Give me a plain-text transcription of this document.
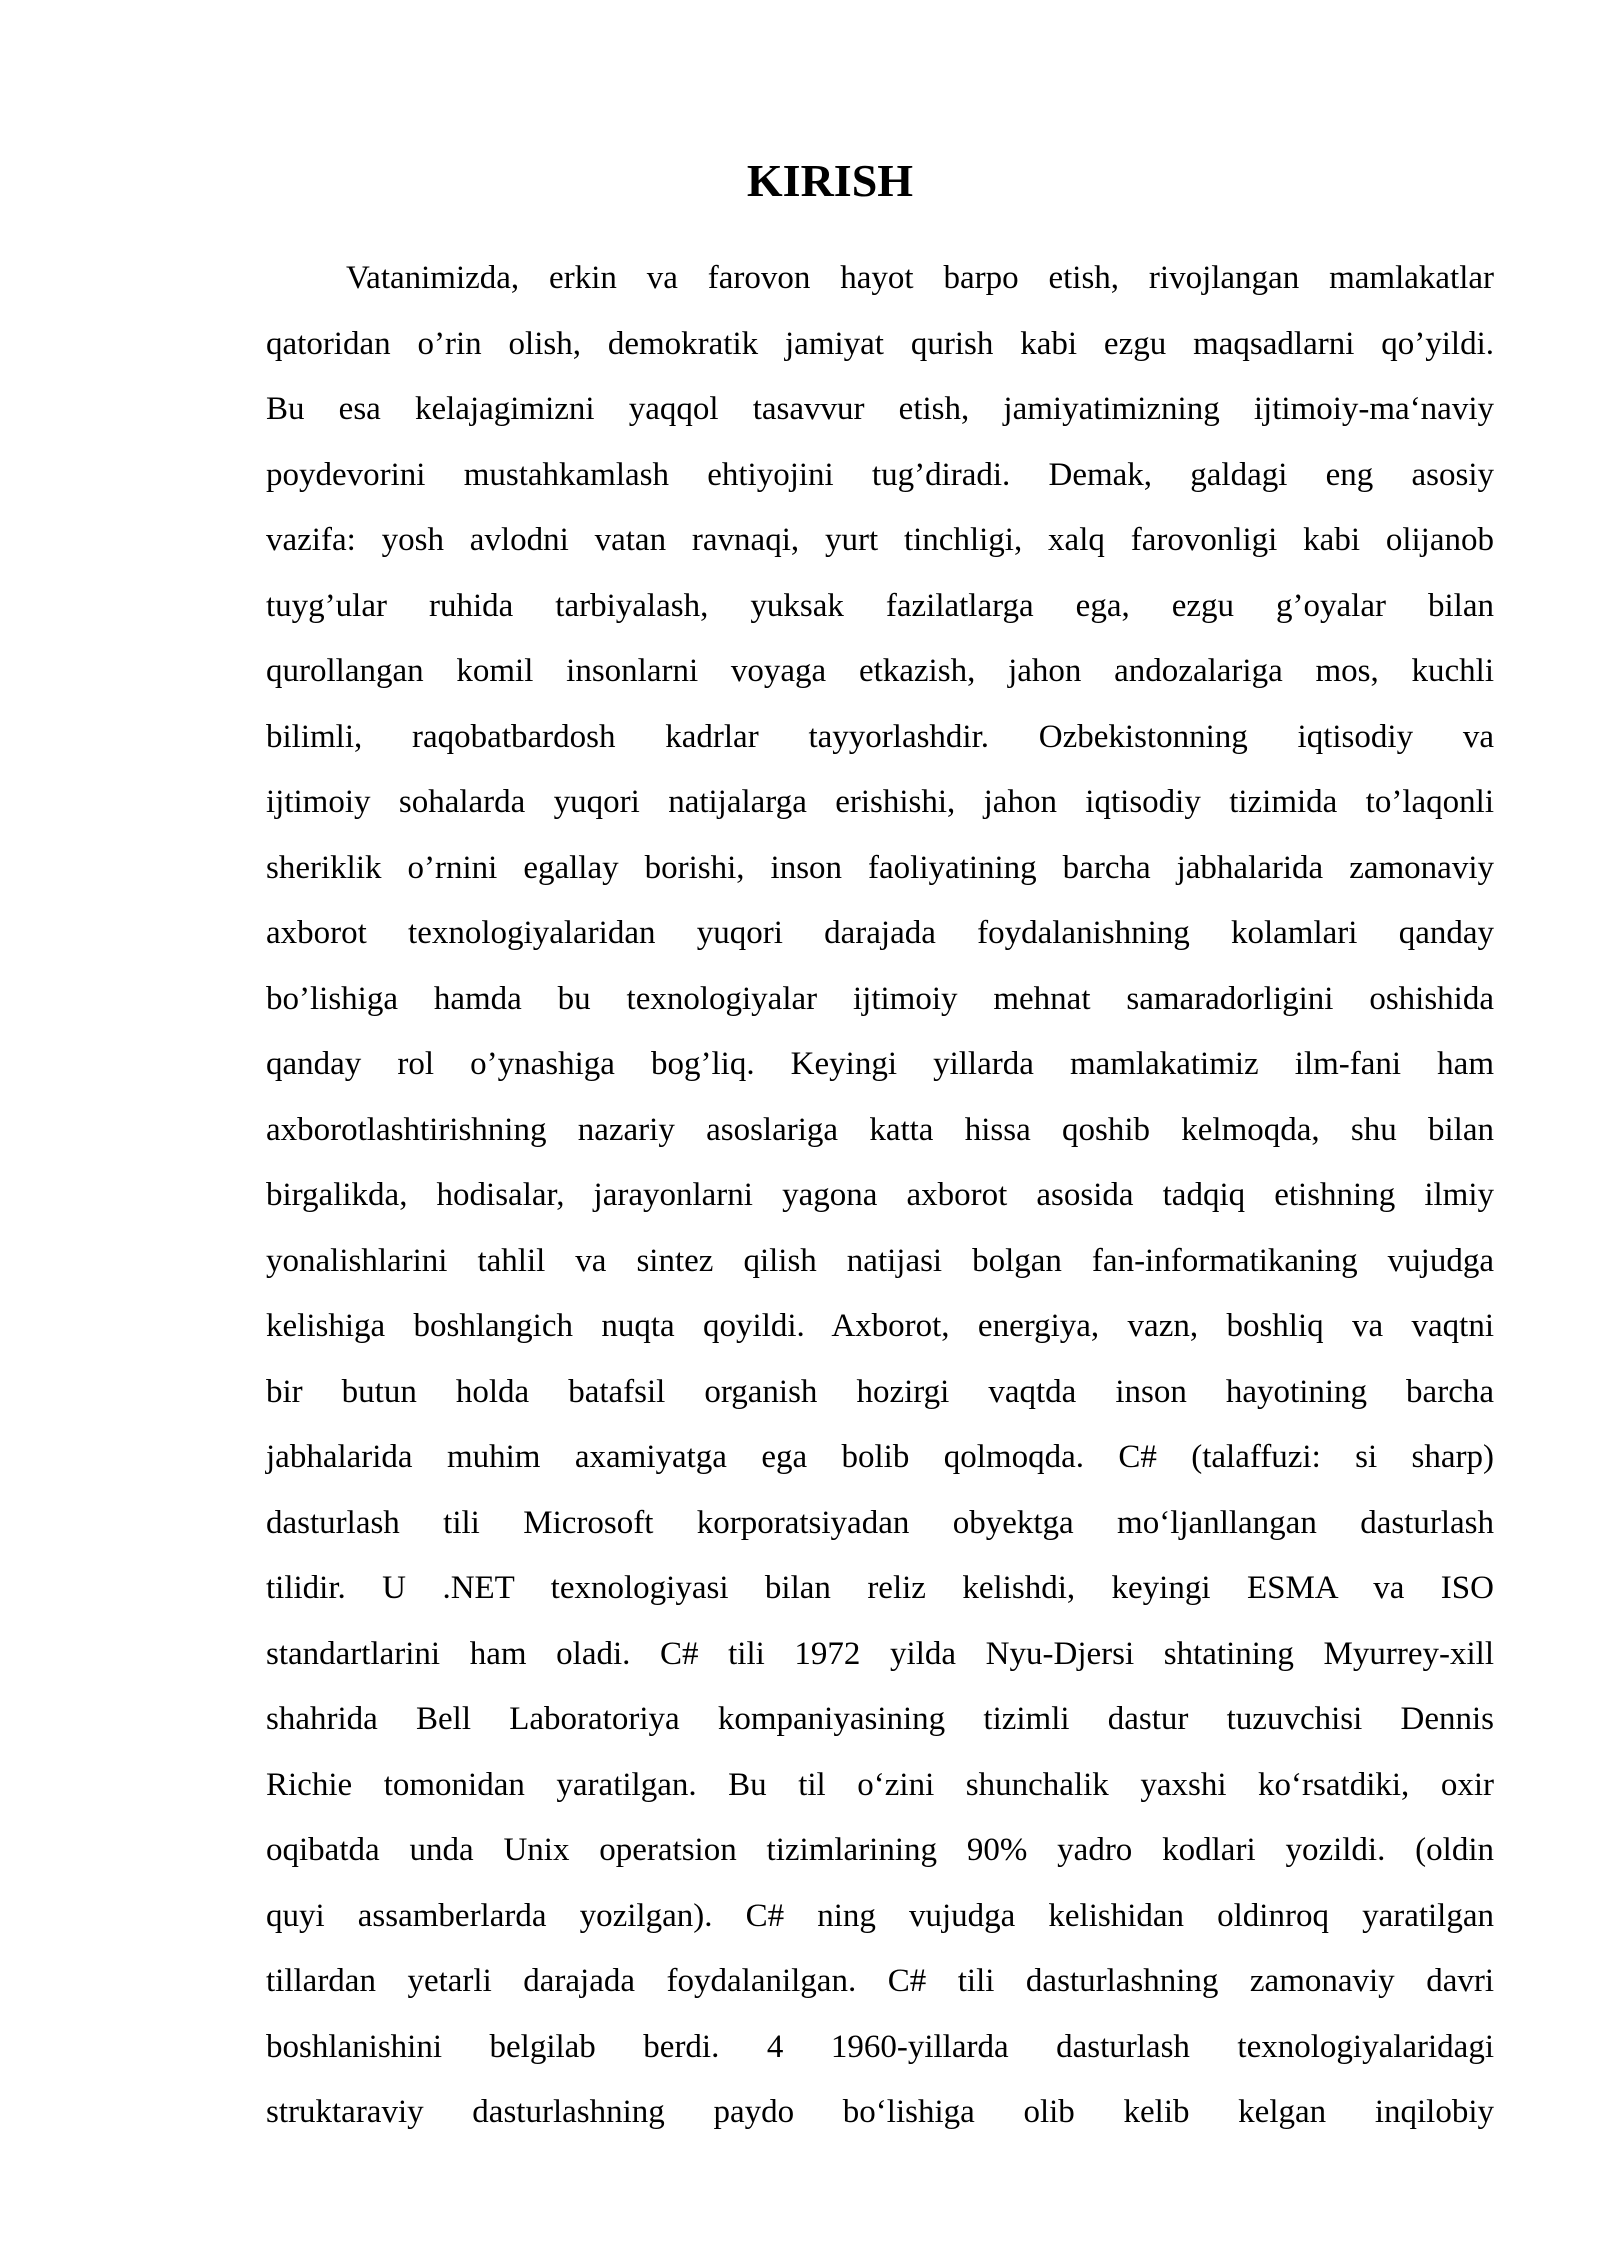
KIRISH
Vatanimizda, erkin va farovon hayot barpo etish, rivojlangan mamlakatlar
qatoridan o’rin olish, demokratik jamiyat qurish kabi ezgu maqsadlarni qo’yildi.
Bu esa kelajagimizni yaqqol tasavvur etish, jamiyatimizning ijtimoiy-ma‘naviy
poydevorini mustahkamlash ehtiyojini tug’diradi. Demak, galdagi eng asosiy
vazifa: yosh avlodni vatan ravnaqi, yurt tinchligi, xalq farovonligi kabi olijanob
tuyg’ular ruhida tarbiyalash, yuksak fazilatlarga ega, ezgu g’oyalar bilan
qurollangan komil insonlarni voyaga etkazish, jahon andozalariga mos, kuchli
bilimli, raqobatbardosh kadrlar tayyorlashdir. Ozbekistonning iqtisodiy va
ijtimoiy sohalarda yuqori natijalarga erishishi, jahon iqtisodiy tizimida to’laqonli
sheriklik o’rnini egallay borishi, inson faoliyatining barcha jabhalarida zamonaviy
axborot texnologiyalaridan yuqori darajada foydalanishning kolamlari qanday
bo’lishiga hamda bu texnologiyalar ijtimoiy mehnat samaradorligini oshishida
qanday rol o’ynashiga bog’liq. Keyingi yillarda mamlakatimiz ilm-fani ham
axborotlashtirishning nazariy asoslariga katta hissa qoshib kelmoqda, shu bilan
birgalikda, hodisalar, jarayonlarni yagona axborot asosida tadqiq etishning ilmiy
yonalishlarini tahlil va sintez qilish natijasi bolgan fan-informatikaning vujudga
kelishiga boshlangich nuqta qoyildi. Axborot, energiya, vazn, boshliq va vaqtni
bir butun holda batafsil organish hozirgi vaqtda inson hayotining barcha
jabhalarida muhim axamiyatga ega bolib qolmoqda. C# (talaffuzi: si sharp)
dasturlash tili Microsoft korporatsiyadan obyektga mo‘ljanllangan dasturlash
tilidir. U .NET texnologiyasi bilan reliz kelishdi, keyingi ESMA va ISO
standartlarini ham oladi. C# tili 1972 yilda Nyu-Djersi shtatining Myurrey-xill
shahrida Bell Laboratoriya kompaniyasining tizimli dastur tuzuvchisi Dennis
Richie tomonidan yaratilgan. Bu til o‘zini shunchalik yaxshi ko‘rsatdiki, oxir
oqibatda unda Unix operatsion tizimlarining 90% yadro kodlari yozildi. (oldin
quyi assamberlarda yozilgan). C# ning vujudga kelishidan oldinroq yaratilgan
tillardan yetarli darajada foydalanilgan. C# tili dasturlashning zamonaviy davri
boshlanishini belgilab berdi. 4 1960-yillarda dasturlash texnologiyalaridagi
struktaraviy dasturlashning paydo bo‘lishiga olib kelib kelgan inqilobiy
